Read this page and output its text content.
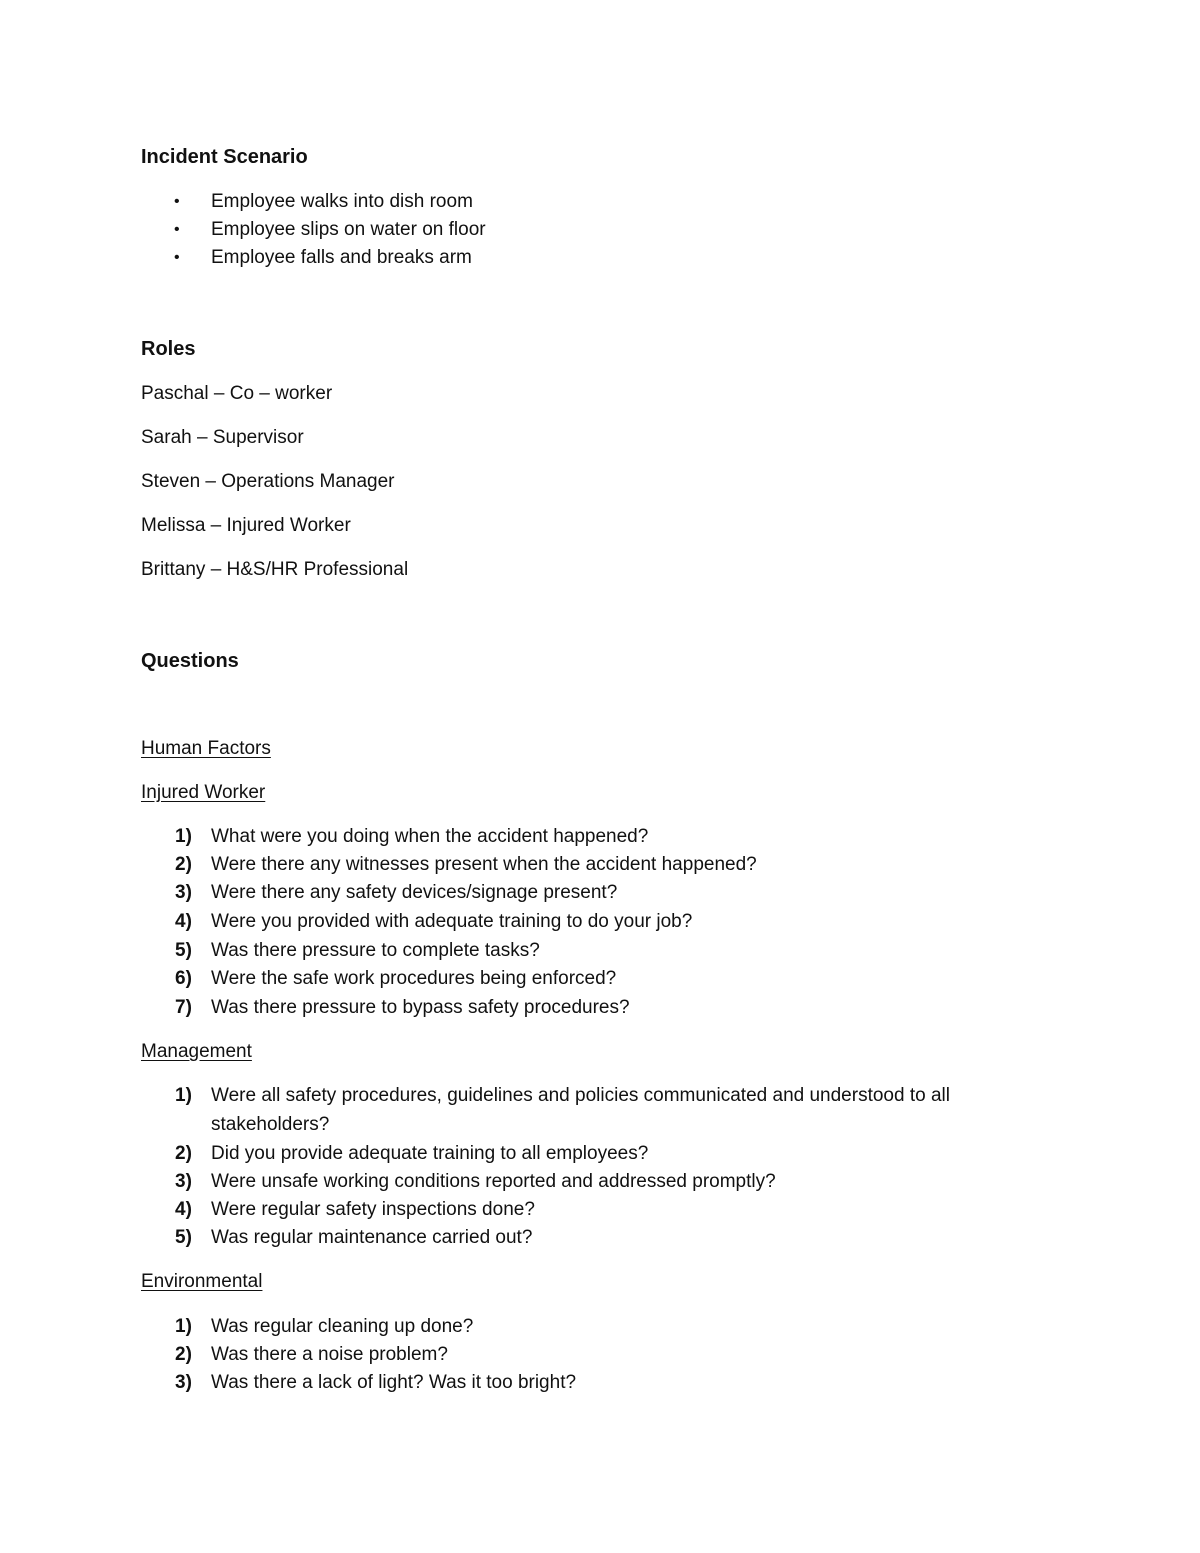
Incident Scenario
• Employee walks into dish room
• Employee slips on water on floor
• Employee falls and breaks arm
Roles
Paschal – Co – worker
Sarah – Supervisor
Steven – Operations Manager
Melissa – Injured Worker
Brittany – H&S/HR Professional
Questions
Human Factors
Injured Worker
1) What were you doing when the accident happened?
2) Were there any witnesses present when the accident happened?
3) Were there any safety devices/signage present?
4) Were you provided with adequate training to do your job?
5) Was there pressure to complete tasks?
6) Were the safe work procedures being enforced?
7) Was there pressure to bypass safety procedures?
Management
1) Were all safety procedures, guidelines and policies communicated and understood to all
stakeholders?
2) Did you provide adequate training to all employees?
3) Were unsafe working conditions reported and addressed promptly?
4) Were regular safety inspections done?
5) Was regular maintenance carried out?
Environmental
1) Was regular cleaning up done?
2) Was there a noise problem?
3) Was there a lack of light? Was it too bright?
